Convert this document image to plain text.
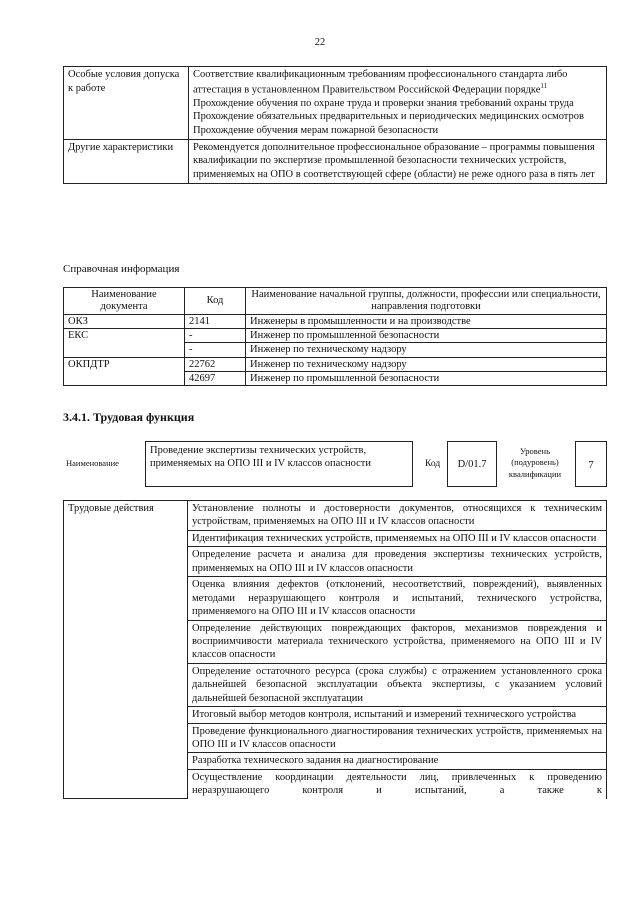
22
Особые условия допуска к работе	Соответствие квалификационным требованиям профессионального стандарта либо аттестация в установленном Правительством Российской Федерации порядке$^{11}$
Прохождение обучения по охране труда и проверки знания требований охраны труда
Прохождение обязательных предварительных и периодических медицинских осмотров
Прохождение обучения мерам пожарной безопасности

Другие характеристики	Рекомендуется дополнительное профессиональное образование – программы повышения квалификации по экспертизе промышленной безопасности технических устройств, применяемых на ОПО в соответствующей сфере (области) не реже одного раза в пять лет
Справочная информация
Наименование документа	Код	Наименование начальной группы, должности, профессии или специальности, направления подготовки
ОКЗ	2141	Инженеры в промышленности и на производстве
ЕКС	-	Инженер по промышленной безопасности
	-	Инженер по техническому надзору
ОКПДТР	22762	Инженер по техническому надзору
	42697	Инженер по промышленной безопасности
3.4.1. Трудовая функция
Наименование
Проведение экспертизы технических устройств, применяемых на ОПО III и IV классов опасности	Код	D/01.7
Уровень (подуровень) квалификации
7
Трудовые действия	Установление полноты и достоверности документов, относящихся к техническим устройствам, применяемых на ОПО III и IV классов опасности
Идентификация технических устройств, применяемых на ОПО III и IV классов опасности
Определение расчета и анализа для проведения экспертизы технических устройств, применяемых на ОПО III и IV классов опасности
Оценка влияния дефектов (отклонений, несоответствий, повреждений), выявленных методами неразрушающего контроля и испытаний, технического устройства, применяемого на ОПО III и IV классов опасности
Определение действующих повреждающих факторов, механизмов повреждения и восприимчивости материала технического устройства, применяемого на ОПО III и IV классов опасности
Определение остаточного ресурса (срока службы) с отражением установленного срока дальнейшей безопасной эксплуатации объекта экспертизы, с указанием условий дальнейшей безопасной эксплуатации
Итоговый выбор методов контроля, испытаний и измерений технического устройства
Проведение функционального диагностирования технических устройств, применяемых на ОПО III и IV классов опасности
Разработка технического задания на диагностирование
Осуществление координации деятельности лиц, привлеченных к проведению неразрушающего контроля и испытаний, а также к
